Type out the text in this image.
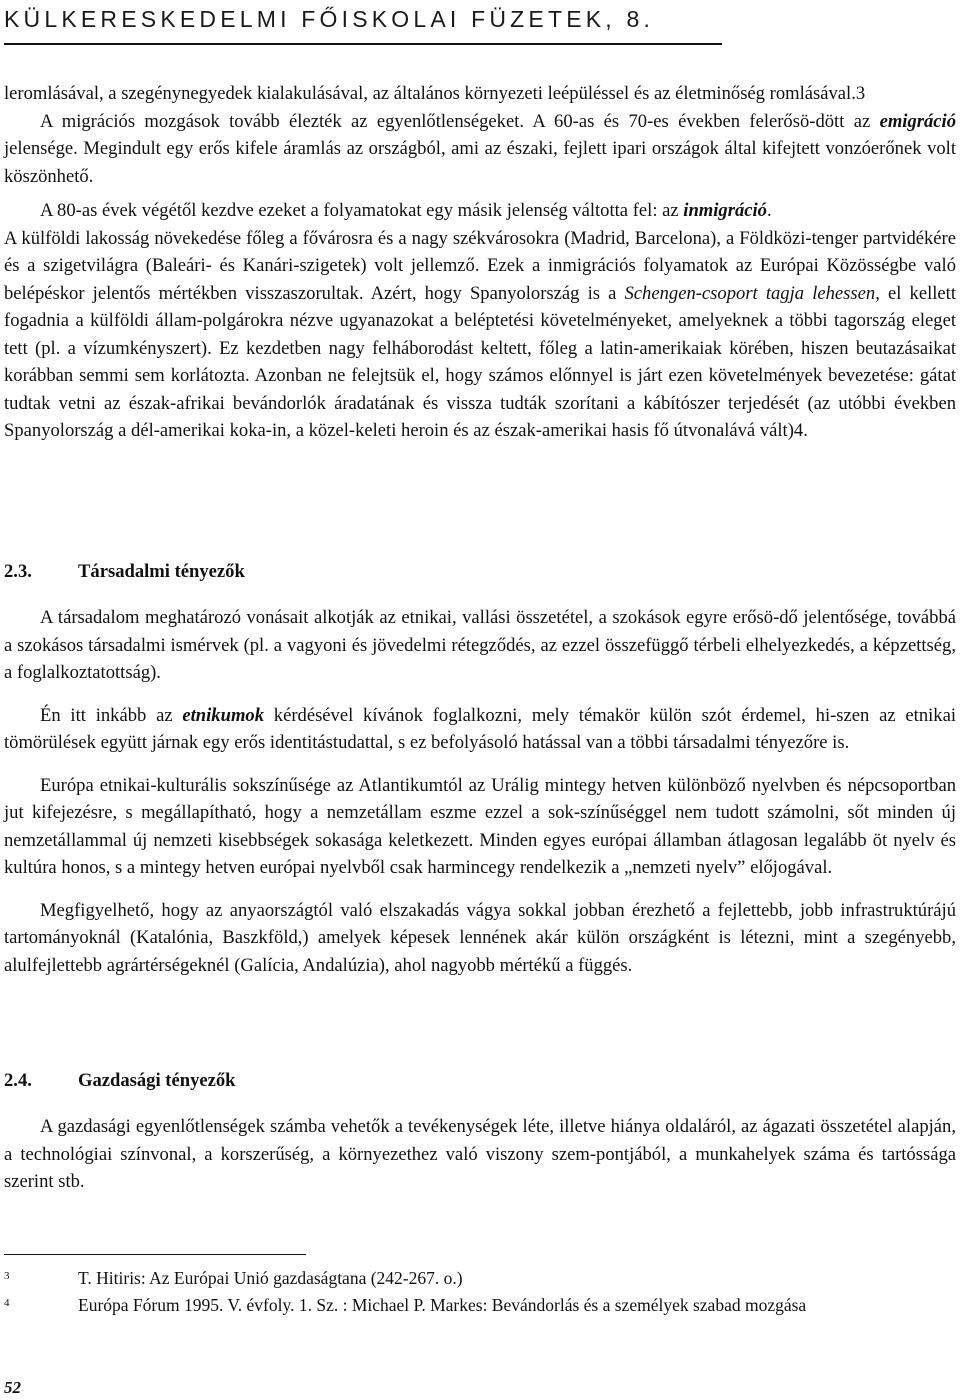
KÜLKERESKEDELMI FŐISKOLAI FÜZETEK, 8.

leromlásával, a szegénynegyedek kialakulásával, az általános környezeti leépüléssel és az életminőség romlásával.3

A migrációs mozgások tovább élezték az egyenlőtlenségeket. A 60-as és 70-es években felerősö-dött az emigráció jelensége. Megindult egy erős kifele áramlás az országból, ami az északi, fejlett ipari országok által kifejtett vonzóerőnek volt köszönhető.

A 80-as évek végétől kezdve ezeket a folyamatokat egy másik jelenség váltotta fel: az inmigráció.

A külföldi lakosság növekedése főleg a fővárosra és a nagy székvárosokra (Madrid, Barcelona), a Földközi-tenger partvidékére és a szigetvilágra (Baleári- és Kanári-szigetek) volt jellemző. Ezek a inmigrációs folyamatok az Európai Közösségbe való belépéskor jelentős mértékben visszaszorultak. Azért, hogy Spanyolország is a Schengen-csoport tagja lehessen, el kellett fogadnia a külföldi állam-polgárokra nézve ugyanazokat a beléptetési követelményeket, amelyeknek a többi tagország eleget tett (pl. a vízumkényszert). Ez kezdetben nagy felháborodást keltett, főleg a latin-amerikaiak körében, hiszen beutazásaikat korábban semmi sem korlátozta. Azonban ne felejtsük el, hogy számos előnnyel is járt ezen követelmények bevezetése: gátat tudtak vetni az észak-afrikai bevándorlók áradatának és vissza tudták szorítani a kábítószer terjedését (az utóbbi években Spanyolország a dél-amerikai koka-in, a közel-keleti heroin és az észak-amerikai hasis fő útvonalává vált)4.

2.3. Társadalmi tényezők

A társadalom meghatározó vonásait alkotják az etnikai, vallási összetétel, a szokások egyre erősö-dő jelentősége, továbbá a szokásos társadalmi ismérvek (pl. a vagyoni és jövedelmi rétegződés, az ezzel összefüggő térbeli elhelyezkedés, a képzettség, a foglalkoztatottság).

Én itt inkább az etnikumok kérdésével kívánok foglalkozni, mely témakör külön szót érdemel, hi-szen az etnikai tömörülések együtt járnak egy erős identitástudattal, s ez befolyásoló hatással van a többi társadalmi tényezőre is.

Európa etnikai-kulturális sokszínűsége az Atlantikumtól az Urálig mintegy hetven különböző nyelvben és népcsoportban jut kifejezésre, s megállapítható, hogy a nemzetállam eszme ezzel a sok-színűséggel nem tudott számolni, sőt minden új nemzetállammal új nemzeti kisebbségek sokasága keletkezett. Minden egyes európai államban átlagosan legalább öt nyelv és kultúra honos, s a mintegy hetven európai nyelvből csak harmincegy rendelkezik a „nemzeti nyelv” előjogával.

Megfigyelhető, hogy az anyaországtól való elszakadás vágya sokkal jobban érezhető a fejlettebb, jobb infrastruktúrájú tartományoknál (Katalónia, Baszkföld,) amelyek képesek lennének akár külön országként is létezni, mint a szegényebb, alulfejlettebb agrártérségeknél (Galícia, Andalúzia), ahol nagyobb mértékű a függés.

2.4. Gazdasági tényezők

A gazdasági egyenlőtlenségek számba vehetők a tevékenységek léte, illetve hiánya oldaláról, az ágazati összetétel alapján, a technológiai színvonal, a korszerűség, a környezethez való viszony szem-pontjából, a munkahelyek száma és tartóssága szerint stb.

$^3$	T. Hitiris: Az Európai Unió gazdaságtana (242-267. o.)
$^4$	Európa Fórum 1995. V. évfoly. 1. Sz. : Michael P. Markes: Bevándorlás és a személyek szabad mozgása
52
